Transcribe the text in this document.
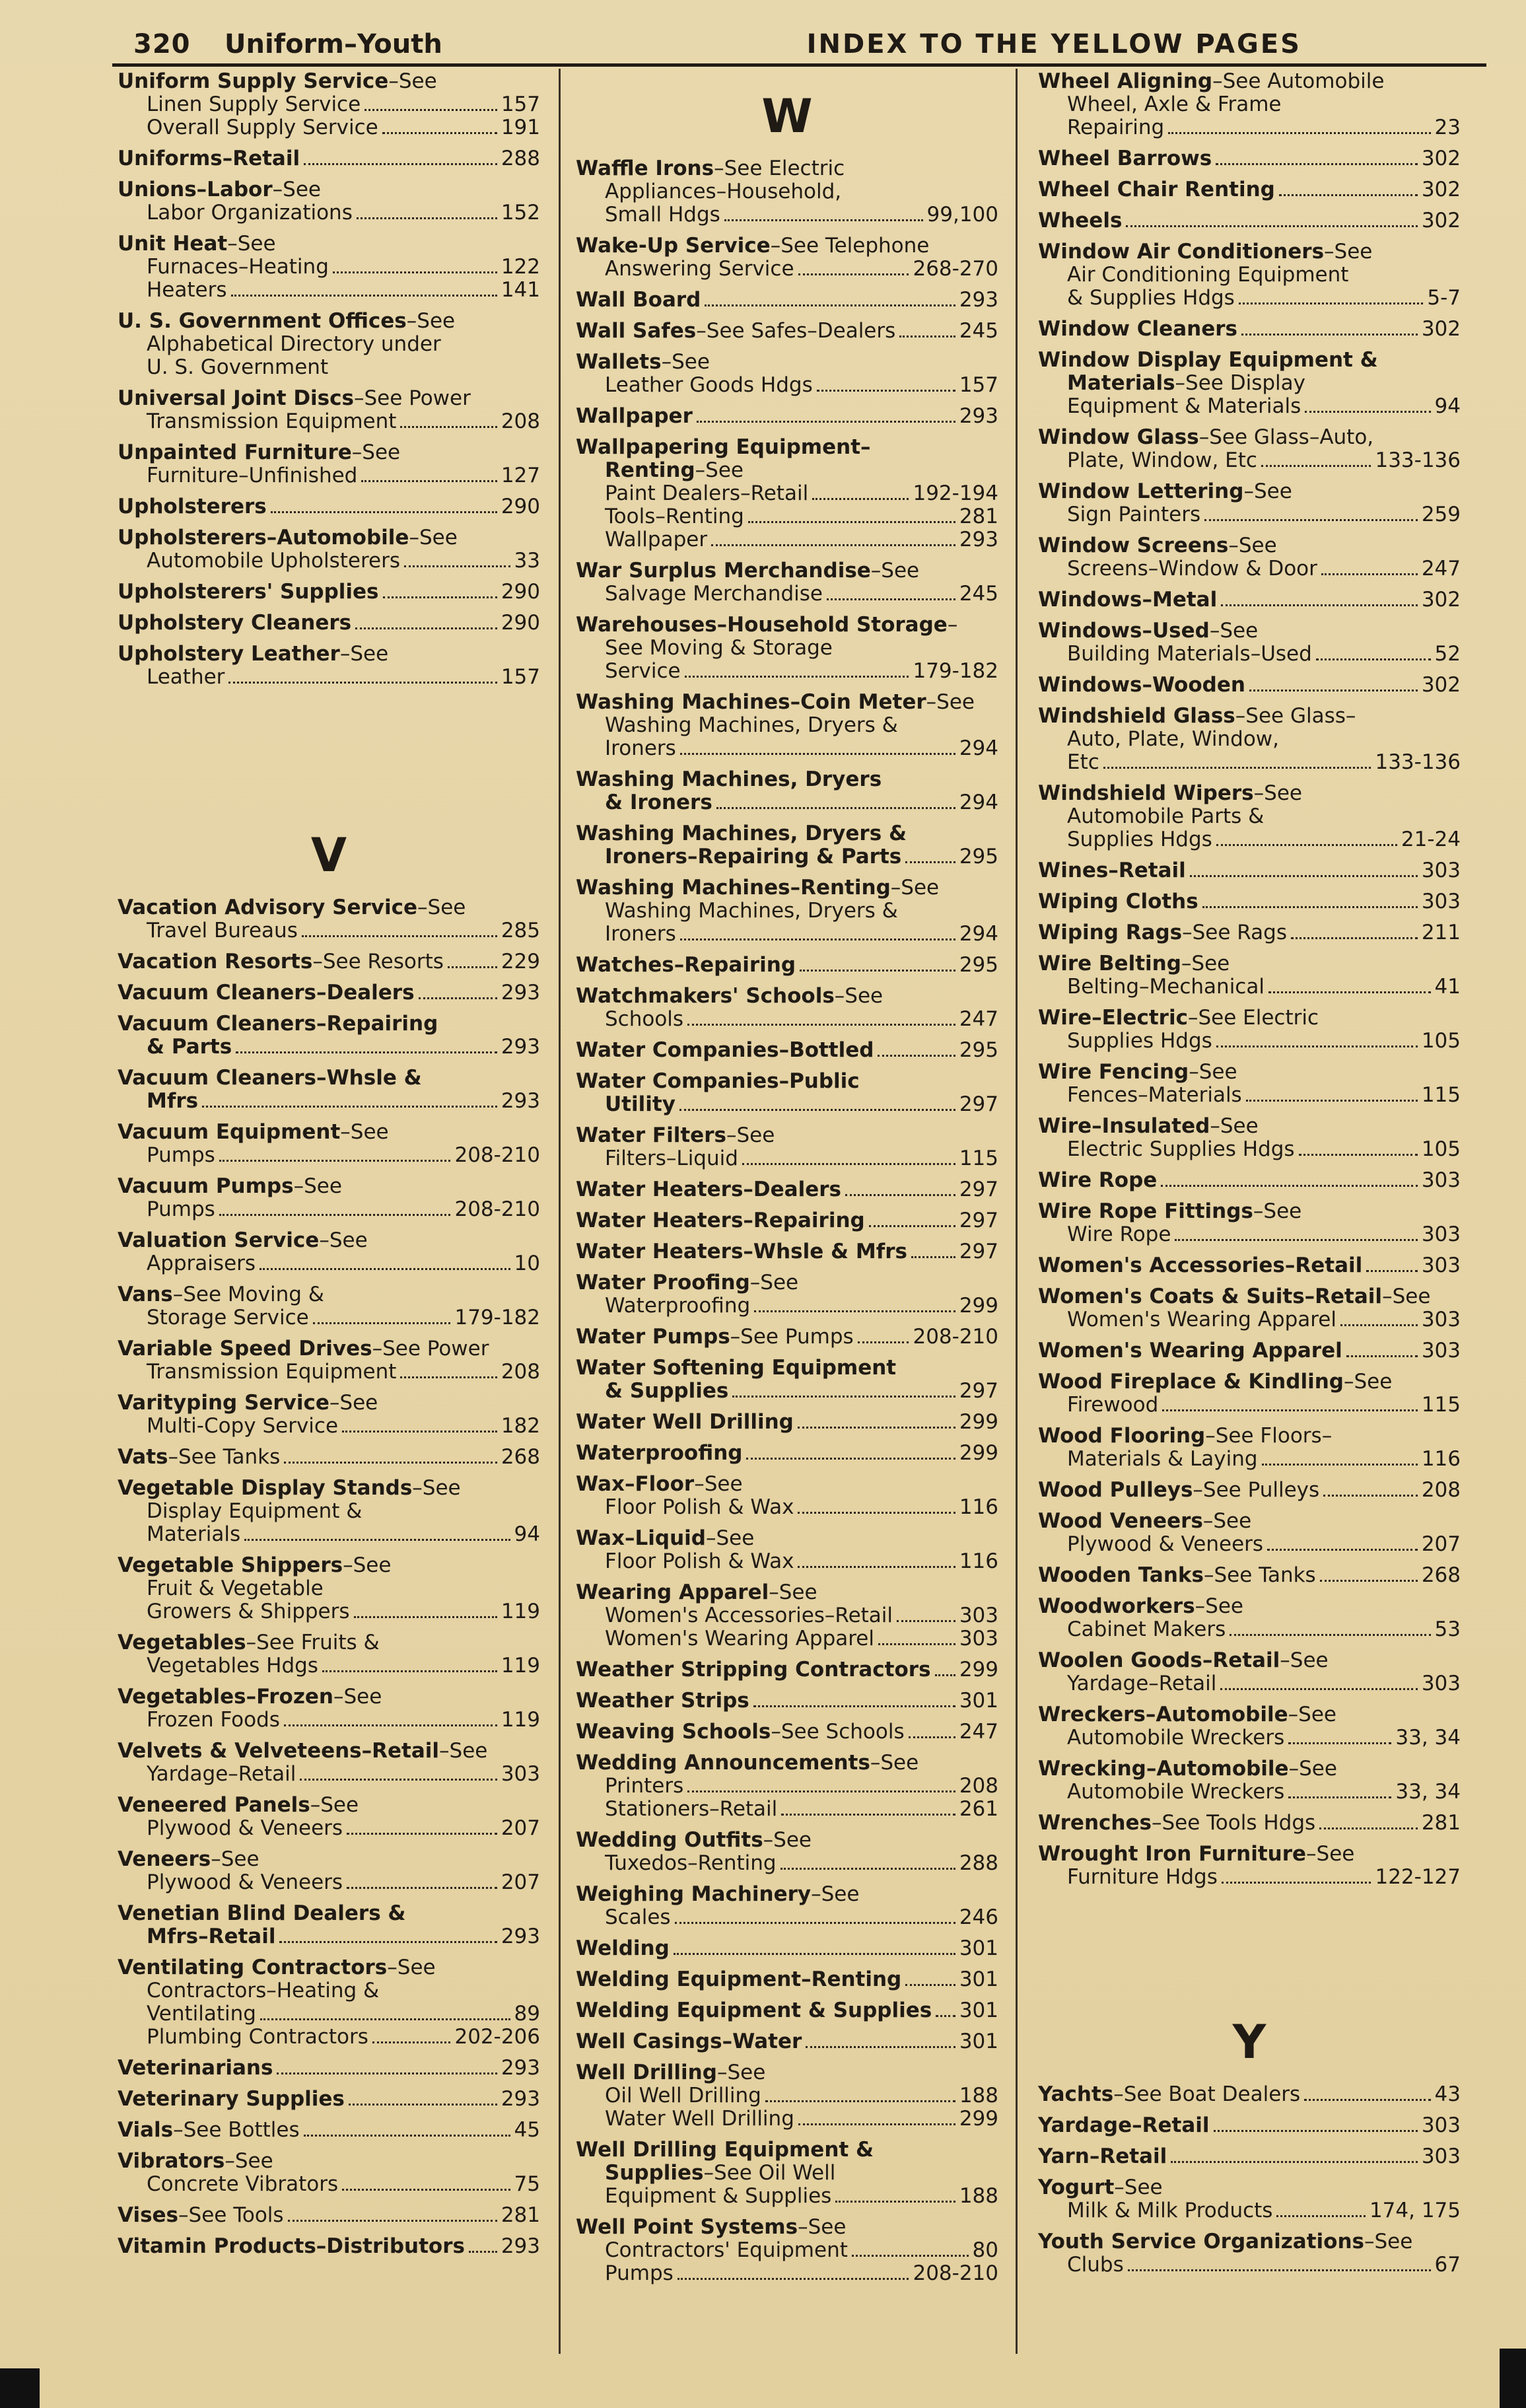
320 Uniform–Youth	INDEX TO THE YELLOW PAGES
Uniform Supply Service –See
Linen Supply Service	157
Overall Supply Service	191
Uniforms–Retail	288
Unions–Labor –See
Labor Organizations	152
Unit Heat –See
Furnaces–Heating	122
Heaters	141
U. S. Government Offices –See
Alphabetical Directory under
U. S. Government
Universal Joint Discs –See Power
Transmission Equipment	208
Unpainted Furniture –See
Furniture–Unfinished	127
Upholsterers	290
Upholsterers–Automobile –See
Automobile Upholsterers	33
Upholsterers' Supplies	290
Upholstery Cleaners	290
Upholstery Leather –See
Leather	157
V
Vacation Advisory Service –See
Travel Bureaus	285
Vacation Resorts –See Resorts	229
Vacuum Cleaners–Dealers	293
Vacuum Cleaners–Repairing
& Parts	293
Vacuum Cleaners–Whsle &
Mfrs	293
Vacuum Equipment –See
Pumps	208-210
Vacuum Pumps –See
Pumps	208-210
Valuation Service –See
Appraisers	10
Vans –See Moving &
Storage Service	179-182
Variable Speed Drives –See Power
Transmission Equipment	208
Varityping Service –See
Multi-Copy Service	182
Vats –See Tanks	268
Vegetable Display Stands –See
Display Equipment &
Materials	94
Vegetable Shippers –See
Fruit & Vegetable
Growers & Shippers	119
Vegetables –See Fruits &
Vegetables Hdgs	119
Vegetables–Frozen –See
Frozen Foods	119
Velvets & Velveteens–Retail –See
Yardage–Retail	303
Veneered Panels –See
Plywood & Veneers	207
Veneers –See
Plywood & Veneers	207
Venetian Blind Dealers &
Mfrs–Retail	293
Ventilating Contractors –See
Contractors–Heating &
Ventilating	89
Plumbing Contractors	202-206
Veterinarians	293
Veterinary Supplies	293
Vials –See Bottles	45
Vibrators –See
Concrete Vibrators	75
Vises –See Tools	281
Vitamin Products–Distributors 293
W
Waffle Irons –See Electric
Appliances–Household,
Small Hdgs	99,100
Wake-Up Service –See Telephone
Answering Service	268-270
Wall Board	293
Wall Safes –See Safes–Dealers	245
Wallets –See
Leather Goods Hdgs	157
Wallpaper	293
Wallpapering Equipment–
Renting –See
Paint Dealers–Retail	192-194
Tools–Renting	281
Wallpaper	293
War Surplus Merchandise –See
Salvage Merchandise	245
Warehouses–Household Storage –
See Moving & Storage
Service	179-182
Washing Machines–Coin Meter –See
Washing Machines, Dryers &
Ironers	294
Washing Machines, Dryers
& Ironers	294
Washing Machines, Dryers &
Ironers–Repairing & Parts	295
Washing Machines–Renting –See
Washing Machines, Dryers &
Ironers	294
Watches–Repairing	295
Watchmakers' Schools –See
Schools	247
Water Companies–Bottled	295
Water Companies–Public
Utility	297
Water Filters –See
Filters–Liquid	115
Water Heaters–Dealers	297
Water Heaters–Repairing	297
Water Heaters–Whsle & Mfrs	297
Water Proofing –See
Waterproofing	299
Water Pumps –See Pumps	208-210
Water Softening Equipment
& Supplies	297
Water Well Drilling	299
Waterproofing	299
Wax–Floor –See
Floor Polish & Wax	116
Wax–Liquid –See
Floor Polish & Wax	116
Wearing Apparel –See
Women's Accessories–Retail	303
Women's Wearing Apparel	303
Weather Stripping Contractors 299
Weather Strips	301
Weaving Schools –See Schools	247
Wedding Announcements –See
Printers	208
Stationers–Retail	261
Wedding Outfits –See
Tuxedos–Renting	288
Weighing Machinery –See
Scales	246
Welding	301
Welding Equipment–Renting	301
Welding Equipment & Supplies 301
Well Casings–Water	301
Well Drilling –See
Oil Well Drilling	188
Water Well Drilling	299
Well Drilling Equipment &
Supplies –See Oil Well
Equipment & Supplies	188
Well Point Systems –See
Contractors' Equipment	80
Pumps	208-210
Wheel Aligning –See Automobile
Wheel, Axle & Frame
Repairing	23
Wheel Barrows	302
Wheel Chair Renting	302
Wheels	302
Window Air Conditioners –See
Air Conditioning Equipment
& Supplies Hdgs	5-7
Window Cleaners	302
Window Display Equipment &
Materials –See Display
Equipment & Materials	94
Window Glass –See Glass–Auto,
Plate, Window, Etc	133-136
Window Lettering –See
Sign Painters	259
Window Screens –See
Screens–Window & Door	247
Windows–Metal	302
Windows–Used –See
Building Materials–Used	52
Windows–Wooden	302
Windshield Glass –See Glass–
Auto, Plate, Window,
Etc	133-136
Windshield Wipers –See
Automobile Parts &
Supplies Hdgs	21-24
Wines–Retail	303
Wiping Cloths	303
Wiping Rags –See Rags	211
Wire Belting –See
Belting–Mechanical	41
Wire–Electric –See Electric
Supplies Hdgs	105
Wire Fencing –See
Fences–Materials	115
Wire–Insulated –See
Electric Supplies Hdgs	105
Wire Rope	303
Wire Rope Fittings –See
Wire Rope	303
Women's Accessories–Retail	303
Women's Coats & Suits–Retail –See
Women's Wearing Apparel	303
Women's Wearing Apparel	303
Wood Fireplace & Kindling –See
Firewood	115
Wood Flooring –See Floors–
Materials & Laying	116
Wood Pulleys –See Pulleys	208
Wood Veneers –See
Plywood & Veneers	207
Wooden Tanks –See Tanks	268
Woodworkers –See
Cabinet Makers	53
Woolen Goods–Retail –See
Yardage–Retail	303
Wreckers–Automobile –See
Automobile Wreckers	33, 34
Wrecking–Automobile –See
Automobile Wreckers	33, 34
Wrenches –See Tools Hdgs	281
Wrought Iron Furniture –See
Furniture Hdgs	122-127
Y
Yachts –See Boat Dealers	43
Yardage–Retail	303
Yarn–Retail	303
Yogurt –See
Milk & Milk Products	174, 175
Youth Service Organizations –See
Clubs	67
